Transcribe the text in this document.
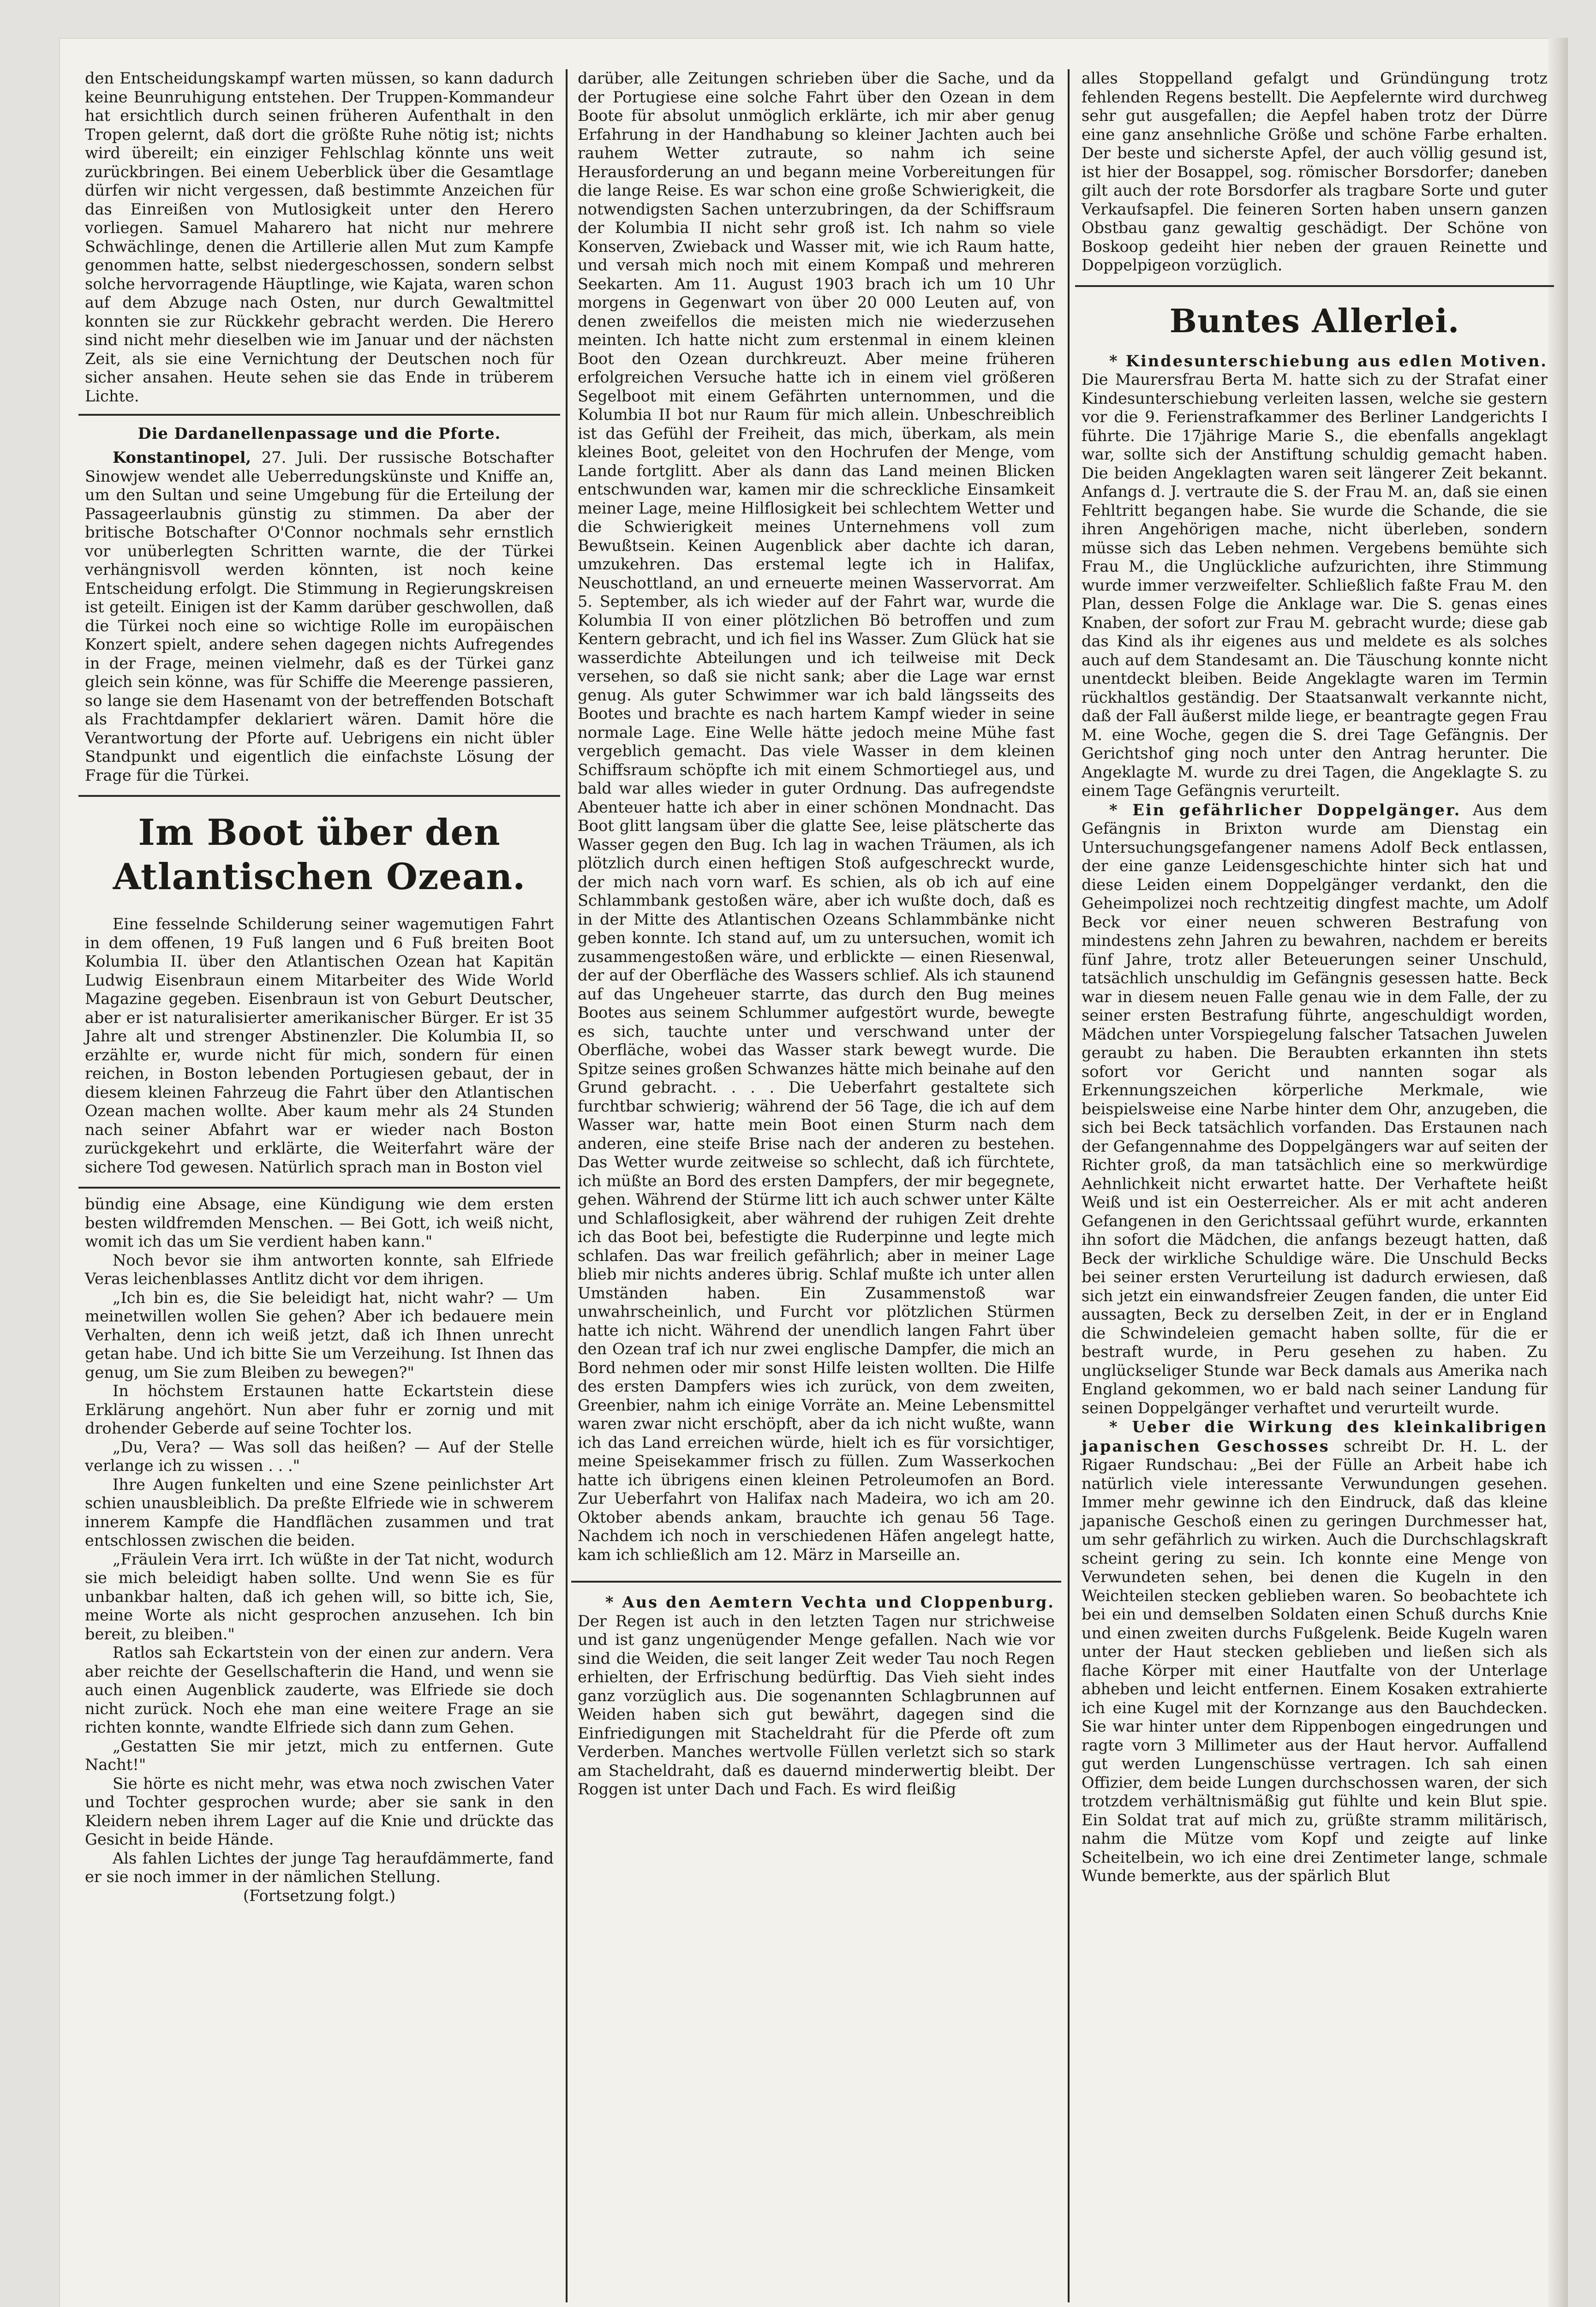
den Entscheidungskampf warten müssen, so kann dadurch keine Beunruhigung entstehen. Der Truppen-Kommandeur hat ersichtlich durch seinen früheren Aufenthalt in den Tropen gelernt, daß dort die größte Ruhe nötig ist; nichts wird übereilt; ein einziger Fehlschlag könnte uns weit zurückbringen. Bei einem Ueberblick über die Gesamtlage dürfen wir nicht vergessen, daß bestimmte Anzeichen für das Einreißen von Mutlosigkeit unter den Herero vorliegen. Samuel Maharero hat nicht nur mehrere Schwächlinge, denen die Artillerie allen Mut zum Kampfe genommen hatte, selbst niedergeschossen, sondern selbst solche hervorragende Häuptlinge, wie Kajata, waren schon auf dem Abzuge nach Osten, nur durch Gewaltmittel konnten sie zur Rückkehr gebracht werden. Die Herero sind nicht mehr dieselben wie im Januar und der nächsten Zeit, als sie eine Vernichtung der Deutschen noch für sicher ansahen. Heute sehen sie das Ende in trüberem Lichte.

Die Dardanellenpassage und die Pforte.

Konstantinopel, 27. Juli. Der russische Botschafter Sinowjew wendet alle Ueberredungskünste und Kniffe an, um den Sultan und seine Umgebung für die Erteilung der Passageerlaubnis günstig zu stimmen. Da aber der britische Botschafter O'Connor nochmals sehr ernstlich vor unüberlegten Schritten warnte, die der Türkei verhängnisvoll werden könnten, ist noch keine Entscheidung erfolgt. Die Stimmung in Regierungskreisen ist geteilt. Einigen ist der Kamm darüber geschwollen, daß die Türkei noch eine so wichtige Rolle im europäischen Konzert spielt, andere sehen dagegen nichts Aufregendes in der Frage, meinen vielmehr, daß es der Türkei ganz gleich sein könne, was für Schiffe die Meerenge passieren, so lange sie dem Hasenamt von der betreffenden Botschaft als Frachtdampfer deklariert wären. Damit höre die Verantwortung der Pforte auf. Uebrigens ein nicht übler Standpunkt und eigentlich die einfachste Lösung der Frage für die Türkei.

Im Boot über den
Atlantischen Ozean.

Eine fesselnde Schilderung seiner wagemutigen Fahrt in dem offenen, 19 Fuß langen und 6 Fuß breiten Boot Kolumbia II. über den Atlantischen Ozean hat Kapitän Ludwig Eisenbraun einem Mitarbeiter des Wide World Magazine gegeben. Eisenbraun ist von Geburt Deutscher, aber er ist naturalisierter amerikanischer Bürger. Er ist 35 Jahre alt und strenger Abstinenzler. Die Kolumbia II, so erzählte er, wurde nicht für mich, sondern für einen reichen, in Boston lebenden Portugiesen gebaut, der in diesem kleinen Fahrzeug die Fahrt über den Atlantischen Ozean machen wollte. Aber kaum mehr als 24 Stunden nach seiner Abfahrt war er wieder nach Boston zurückgekehrt und erklärte, die Weiterfahrt wäre der sichere Tod gewesen. Natürlich sprach man in Boston viel

bündig eine Absage, eine Kündigung wie dem ersten besten wildfremden Menschen. — Bei Gott, ich weiß nicht, womit ich das um Sie verdient haben kann."

Noch bevor sie ihm antworten konnte, sah Elfriede Veras leichenblasses Antlitz dicht vor dem ihrigen.

„Ich bin es, die Sie beleidigt hat, nicht wahr? — Um meinetwillen wollen Sie gehen? Aber ich bedauere mein Verhalten, denn ich weiß jetzt, daß ich Ihnen unrecht getan habe. Und ich bitte Sie um Verzeihung. Ist Ihnen das genug, um Sie zum Bleiben zu bewegen?"

In höchstem Erstaunen hatte Eckartstein diese Erklärung angehört. Nun aber fuhr er zornig und mit drohender Geberde auf seine Tochter los.

„Du, Vera? — Was soll das heißen? — Auf der Stelle verlange ich zu wissen . . ."

Ihre Augen funkelten und eine Szene peinlichster Art schien unausbleiblich. Da preßte Elfriede wie in schwerem innerem Kampfe die Handflächen zusammen und trat entschlossen zwischen die beiden.

„Fräulein Vera irrt. Ich wüßte in der Tat nicht, wodurch sie mich beleidigt haben sollte. Und wenn Sie es für unbankbar halten, daß ich gehen will, so bitte ich, Sie, meine Worte als nicht gesprochen anzusehen. Ich bin bereit, zu bleiben."

Ratlos sah Eckartstein von der einen zur andern. Vera aber reichte der Gesellschafterin die Hand, und wenn sie auch einen Augenblick zauderte, was Elfriede sie doch nicht zurück. Noch ehe man eine weitere Frage an sie richten konnte, wandte Elfriede sich dann zum Gehen.

„Gestatten Sie mir jetzt, mich zu entfernen. Gute Nacht!"

Sie hörte es nicht mehr, was etwa noch zwischen Vater und Tochter gesprochen wurde; aber sie sank in den Kleidern neben ihrem Lager auf die Knie und drückte das Gesicht in beide Hände.

Als fahlen Lichtes der junge Tag heraufdämmerte, fand er sie noch immer in der nämlichen Stellung.

(Fortsetzung folgt.)

darüber, alle Zeitungen schrieben über die Sache, und da der Portugiese eine solche Fahrt über den Ozean in dem Boote für absolut unmöglich erklärte, ich mir aber genug Erfahrung in der Handhabung so kleiner Jachten auch bei rauhem Wetter zutraute, so nahm ich seine Herausforderung an und begann meine Vorbereitungen für die lange Reise. Es war schon eine große Schwierigkeit, die notwendigsten Sachen unterzubringen, da der Schiffsraum der Kolumbia II nicht sehr groß ist. Ich nahm so viele Konserven, Zwieback und Wasser mit, wie ich Raum hatte, und versah mich noch mit einem Kompaß und mehreren Seekarten. Am 11. August 1903 brach ich um 10 Uhr morgens in Gegenwart von über 20 000 Leuten auf, von denen zweifellos die meisten mich nie wiederzusehen meinten. Ich hatte nicht zum erstenmal in einem kleinen Boot den Ozean durchkreuzt. Aber meine früheren erfolgreichen Versuche hatte ich in einem viel größeren Segelboot mit einem Gefährten unternommen, und die Kolumbia II bot nur Raum für mich allein. Unbeschreiblich ist das Gefühl der Freiheit, das mich, überkam, als mein kleines Boot, geleitet von den Hochrufen der Menge, vom Lande fortglitt. Aber als dann das Land meinen Blicken entschwunden war, kamen mir die schreckliche Einsamkeit meiner Lage, meine Hilflosigkeit bei schlechtem Wetter und die Schwierigkeit meines Unternehmens voll zum Bewußtsein. Keinen Augenblick aber dachte ich daran, umzukehren. Das erstemal legte ich in Halifax, Neuschottland, an und erneuerte meinen Wasservorrat. Am 5. September, als ich wieder auf der Fahrt war, wurde die Kolumbia II von einer plötzlichen Bö betroffen und zum Kentern gebracht, und ich fiel ins Wasser. Zum Glück hat sie wasserdichte Abteilungen und ich teilweise mit Deck versehen, so daß sie nicht sank; aber die Lage war ernst genug. Als guter Schwimmer war ich bald längsseits des Bootes und brachte es nach hartem Kampf wieder in seine normale Lage. Eine Welle hätte jedoch meine Mühe fast vergeblich gemacht. Das viele Wasser in dem kleinen Schiffsraum schöpfte ich mit einem Schmortiegel aus, und bald war alles wieder in guter Ordnung. Das aufregendste Abenteuer hatte ich aber in einer schönen Mondnacht. Das Boot glitt langsam über die glatte See, leise plätscherte das Wasser gegen den Bug. Ich lag in wachen Träumen, als ich plötzlich durch einen heftigen Stoß aufgeschreckt wurde, der mich nach vorn warf. Es schien, als ob ich auf eine Schlammbank gestoßen wäre, aber ich wußte doch, daß es in der Mitte des Atlantischen Ozeans Schlammbänke nicht geben konnte. Ich stand auf, um zu untersuchen, womit ich zusammengestoßen wäre, und erblickte — einen Riesenwal, der auf der Oberfläche des Wassers schlief. Als ich staunend auf das Ungeheuer starrte, das durch den Bug meines Bootes aus seinem Schlummer aufgestört wurde, bewegte es sich, tauchte unter und verschwand unter der Oberfläche, wobei das Wasser stark bewegt wurde. Die Spitze seines großen Schwanzes hätte mich beinahe auf den Grund gebracht. . . . Die Ueberfahrt gestaltete sich furchtbar schwierig; während der 56 Tage, die ich auf dem Wasser war, hatte mein Boot einen Sturm nach dem anderen, eine steife Brise nach der anderen zu bestehen. Das Wetter wurde zeitweise so schlecht, daß ich fürchtete, ich müßte an Bord des ersten Dampfers, der mir begegnete, gehen. Während der Stürme litt ich auch schwer unter Kälte und Schlaflosigkeit, aber während der ruhigen Zeit drehte ich das Boot bei, befestigte die Ruderpinne und legte mich schlafen. Das war freilich gefährlich; aber in meiner Lage blieb mir nichts anderes übrig. Schlaf mußte ich unter allen Umständen haben. Ein Zusammenstoß war unwahrscheinlich, und Furcht vor plötzlichen Stürmen hatte ich nicht. Während der unendlich langen Fahrt über den Ozean traf ich nur zwei englische Dampfer, die mich an Bord nehmen oder mir sonst Hilfe leisten wollten. Die Hilfe des ersten Dampfers wies ich zurück, von dem zweiten, Greenbier, nahm ich einige Vorräte an. Meine Lebensmittel waren zwar nicht erschöpft, aber da ich nicht wußte, wann ich das Land erreichen würde, hielt ich es für vorsichtiger, meine Speisekammer frisch zu füllen. Zum Wasserkochen hatte ich übrigens einen kleinen Petroleumofen an Bord. Zur Ueberfahrt von Halifax nach Madeira, wo ich am 20. Oktober abends ankam, brauchte ich genau 56 Tage. Nachdem ich noch in verschiedenen Häfen angelegt hatte, kam ich schließlich am 12. März in Marseille an.

* Aus den Aemtern Vechta und Cloppenburg. Der Regen ist auch in den letzten Tagen nur strichweise und ist ganz ungenügender Menge gefallen. Nach wie vor sind die Weiden, die seit langer Zeit weder Tau noch Regen erhielten, der Erfrischung bedürftig. Das Vieh sieht indes ganz vorzüglich aus. Die sogenannten Schlagbrunnen auf Weiden haben sich gut bewährt, dagegen sind die Einfriedigungen mit Stacheldraht für die Pferde oft zum Verderben. Manches wertvolle Füllen verletzt sich so stark am Stacheldraht, daß es dauernd minderwertig bleibt. Der Roggen ist unter Dach und Fach. Es wird fleißig

alles Stoppelland gefalgt und Gründüngung trotz fehlenden Regens bestellt. Die Aepfelernte wird durchweg sehr gut ausgefallen; die Aepfel haben trotz der Dürre eine ganz ansehnliche Größe und schöne Farbe erhalten. Der beste und sicherste Apfel, der auch völlig gesund ist, ist hier der Bosappel, sog. römischer Borsdorfer; daneben gilt auch der rote Borsdorfer als tragbare Sorte und guter Verkaufsapfel. Die feineren Sorten haben unsern ganzen Obstbau ganz gewaltig geschädigt. Der Schöne von Boskoop gedeiht hier neben der grauen Reinette und Doppelpigeon vorzüglich.

Buntes Allerlei.

* Kindesunterschiebung aus edlen Motiven. Die Maurersfrau Berta M. hatte sich zu der Strafat einer Kindesunterschiebung verleiten lassen, welche sie gestern vor die 9. Ferienstrafkammer des Berliner Landgerichts I führte. Die 17jährige Marie S., die ebenfalls angeklagt war, sollte sich der Anstiftung schuldig gemacht haben. Die beiden Angeklagten waren seit längerer Zeit bekannt. Anfangs d. J. vertraute die S. der Frau M. an, daß sie einen Fehltritt begangen habe. Sie wurde die Schande, die sie ihren Angehörigen mache, nicht überleben, sondern müsse sich das Leben nehmen. Vergebens bemühte sich Frau M., die Unglückliche aufzurichten, ihre Stimmung wurde immer verzweifelter. Schließlich faßte Frau M. den Plan, dessen Folge die Anklage war. Die S. genas eines Knaben, der sofort zur Frau M. gebracht wurde; diese gab das Kind als ihr eigenes aus und meldete es als solches auch auf dem Standesamt an. Die Täuschung konnte nicht unentdeckt bleiben. Beide Angeklagte waren im Termin rückhaltlos geständig. Der Staatsanwalt verkannte nicht, daß der Fall äußerst milde liege, er beantragte gegen Frau M. eine Woche, gegen die S. drei Tage Gefängnis. Der Gerichtshof ging noch unter den Antrag herunter. Die Angeklagte M. wurde zu drei Tagen, die Angeklagte S. zu einem Tage Gefängnis verurteilt.

* Ein gefährlicher Doppelgänger. Aus dem Gefängnis in Brixton wurde am Dienstag ein Untersuchungsgefangener namens Adolf Beck entlassen, der eine ganze Leidensgeschichte hinter sich hat und diese Leiden einem Doppelgänger verdankt, den die Geheimpolizei noch rechtzeitig dingfest machte, um Adolf Beck vor einer neuen schweren Bestrafung von mindestens zehn Jahren zu bewahren, nachdem er bereits fünf Jahre, trotz aller Beteuerungen seiner Unschuld, tatsächlich unschuldig im Gefängnis gesessen hatte. Beck war in diesem neuen Falle genau wie in dem Falle, der zu seiner ersten Bestrafung führte, angeschuldigt worden, Mädchen unter Vorspiegelung falscher Tatsachen Juwelen geraubt zu haben. Die Beraubten erkannten ihn stets sofort vor Gericht und nannten sogar als Erkennungszeichen körperliche Merkmale, wie beispielsweise eine Narbe hinter dem Ohr, anzugeben, die sich bei Beck tatsächlich vorfanden. Das Erstaunen nach der Gefangennahme des Doppelgängers war auf seiten der Richter groß, da man tatsächlich eine so merkwürdige Aehnlichkeit nicht erwartet hatte. Der Verhaftete heißt Weiß und ist ein Oesterreicher. Als er mit acht anderen Gefangenen in den Gerichtssaal geführt wurde, erkannten ihn sofort die Mädchen, die anfangs bezeugt hatten, daß Beck der wirkliche Schuldige wäre. Die Unschuld Becks bei seiner ersten Verurteilung ist dadurch erwiesen, daß sich jetzt ein einwandsfreier Zeugen fanden, die unter Eid aussagten, Beck zu derselben Zeit, in der er in England die Schwindeleien gemacht haben sollte, für die er bestraft wurde, in Peru gesehen zu haben. Zu unglückseliger Stunde war Beck damals aus Amerika nach England gekommen, wo er bald nach seiner Landung für seinen Doppelgänger verhaftet und verurteilt wurde.

* Ueber die Wirkung des kleinkalibrigen japanischen Geschosses schreibt Dr. H. L. der Rigaer Rundschau: „Bei der Fülle an Arbeit habe ich natürlich viele interessante Verwundungen gesehen. Immer mehr gewinne ich den Eindruck, daß das kleine japanische Geschoß einen zu geringen Durchmesser hat, um sehr gefährlich zu wirken. Auch die Durchschlagskraft scheint gering zu sein. Ich konnte eine Menge von Verwundeten sehen, bei denen die Kugeln in den Weichteilen stecken geblieben waren. So beobachtete ich bei ein und demselben Soldaten einen Schuß durchs Knie und einen zweiten durchs Fußgelenk. Beide Kugeln waren unter der Haut stecken geblieben und ließen sich als flache Körper mit einer Hautfalte von der Unterlage abheben und leicht entfernen. Einem Kosaken extrahierte ich eine Kugel mit der Kornzange aus den Bauchdecken. Sie war hinter unter dem Rippenbogen eingedrungen und ragte vorn 3 Millimeter aus der Haut hervor. Auffallend gut werden Lungenschüsse vertragen. Ich sah einen Offizier, dem beide Lungen durchschossen waren, der sich trotzdem verhältnismäßig gut fühlte und kein Blut spie. Ein Soldat trat auf mich zu, grüßte stramm militärisch, nahm die Mütze vom Kopf und zeigte auf linke Scheitelbein, wo ich eine drei Zentimeter lange, schmale Wunde bemerkte, aus der spärlich Blut
